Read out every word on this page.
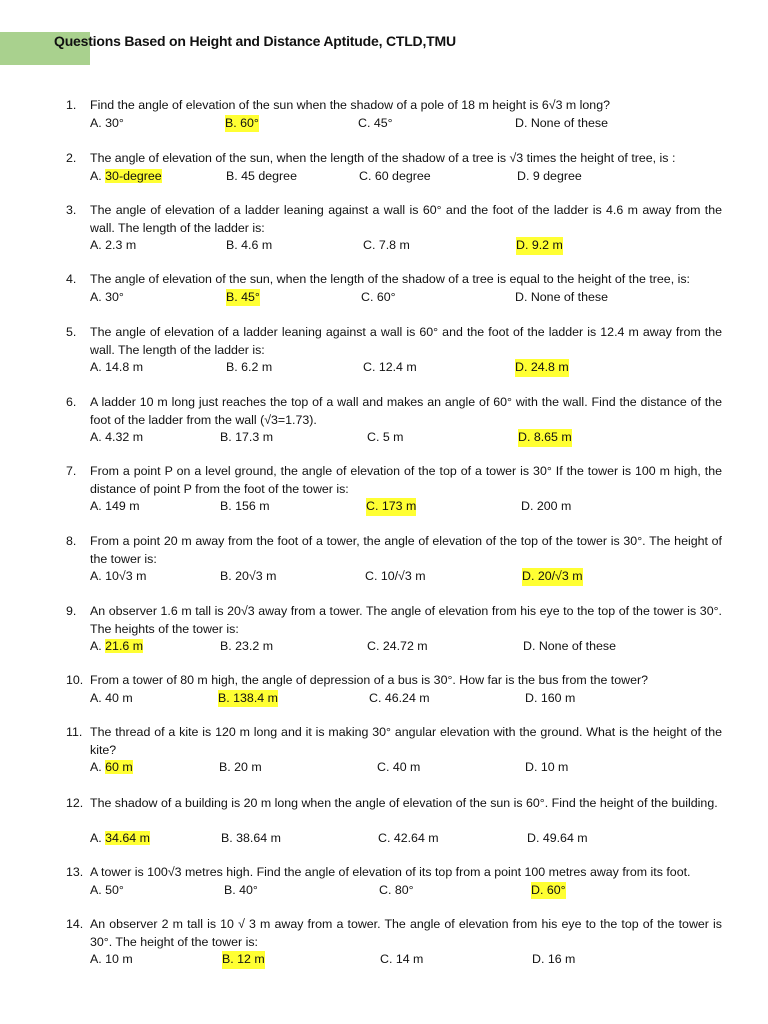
Questions Based on Height and Distance Aptitude, CTLD,TMU
1. Find the angle of elevation of the sun when the shadow of a pole of 18 m height is 6√3 m long?
A. 30°	B. 60°	C. 45°	D. None of these
2. The angle of elevation of the sun, when the length of the shadow of a tree is √3 times the height of tree, is :
A. 30-degree	B. 45 degree	C. 60 degree	D. 9 degree
3. The angle of elevation of a ladder leaning against a wall is 60° and the foot of the ladder is 4.6 m away from the wall. The length of the ladder is:
A. 2.3 m	B. 4.6 m	C. 7.8 m	D. 9.2 m
4. The angle of elevation of the sun, when the length of the shadow of a tree is equal to the height of the tree, is:
A. 30°	B. 45°	C. 60°	D. None of these
5. The angle of elevation of a ladder leaning against a wall is 60° and the foot of the ladder is 12.4 m away from the wall. The length of the ladder is:
A. 14.8 m	B. 6.2 m	C. 12.4 m	D. 24.8 m
6. A ladder 10 m long just reaches the top of a wall and makes an angle of 60° with the wall. Find the distance of the foot of the ladder from the wall (√3=1.73).
A. 4.32 m	B. 17.3 m	C. 5 m	D. 8.65 m
7. From a point P on a level ground, the angle of elevation of the top of a tower is 30° If the tower is 100 m high, the distance of point P from the foot of the tower is:
A. 149 m	B. 156 m	C. 173 m	D. 200 m
8. From a point 20 m away from the foot of a tower, the angle of elevation of the top of the tower is 30°. The height of the tower is:
A. 10√3 m	B. 20√3 m	C. 10/√3 m	D. 20/√3 m
9. An observer 1.6 m tall is 20√3 away from a tower. The angle of elevation from his eye to the top of the tower is 30°. The heights of the tower is:
A. 21.6 m	B. 23.2 m	C. 24.72 m	D. None of these
10. From a tower of 80 m high, the angle of depression of a bus is 30°. How far is the bus from the tower?
A. 40 m	B. 138.4 m	C. 46.24 m	D. 160 m
11. The thread of a kite is 120 m long and it is making 30° angular elevation with the ground. What is the height of the kite?
A. 60 m	B. 20 m	C. 40 m	D. 10 m
12. The shadow of a building is 20 m long when the angle of elevation of the sun is 60°. Find the height of the building.
A. 34.64 m	B. 38.64 m	C. 42.64 m	D. 49.64 m
13. A tower is 100√3 metres high. Find the angle of elevation of its top from a point 100 metres away from its foot.
A. 50°	B. 40°	C. 80°	D. 60°
14. An observer 2 m tall is 10 √ 3 m away from a tower. The angle of elevation from his eye to the top of the tower is 30°. The height of the tower is:
A. 10 m	B. 12 m	C. 14 m	D. 16 m
